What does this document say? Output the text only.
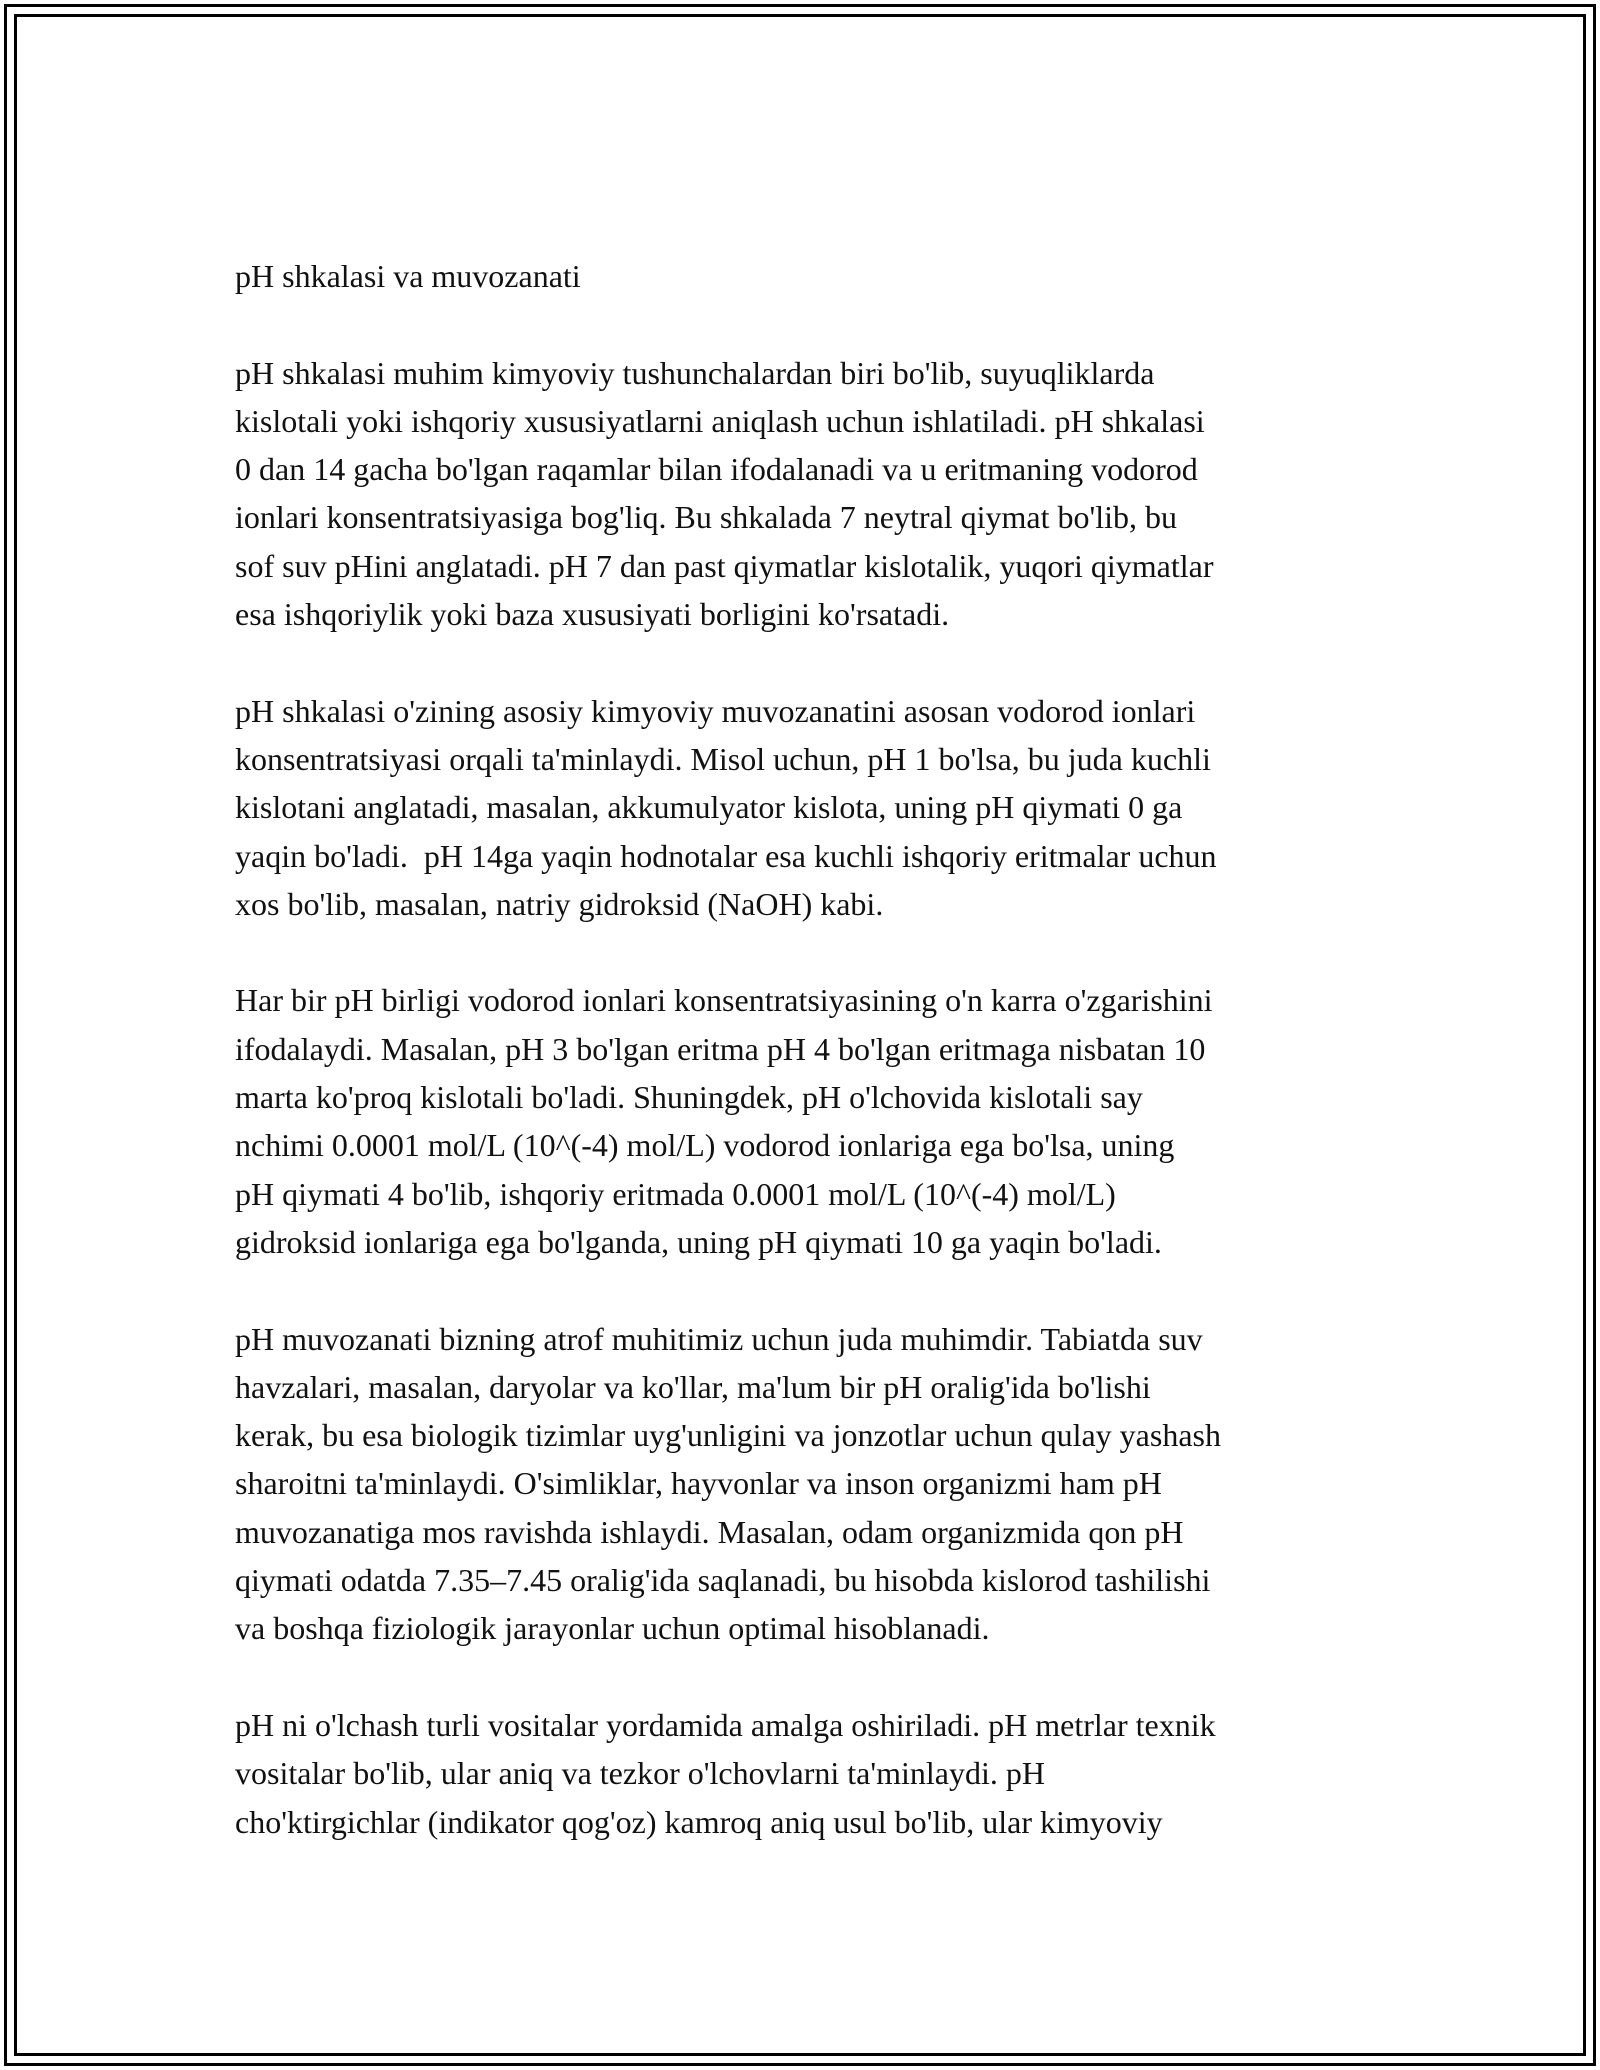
pH shkalasi va muvozanati

pH shkalasi muhim kimyoviy tushunchalardan biri bo'lib, suyuqliklarda
kislotali yoki ishqoriy xususiyatlarni aniqlash uchun ishlatiladi. pH shkalasi
0 dan 14 gacha bo'lgan raqamlar bilan ifodalanadi va u eritmaning vodorod
ionlari konsentratsiyasiga bog'liq. Bu shkalada 7 neytral qiymat bo'lib, bu
sof suv pHini anglatadi. pH 7 dan past qiymatlar kislotalik, yuqori qiymatlar
esa ishqoriylik yoki baza xususiyati borligini ko'rsatadi.

pH shkalasi o'zining asosiy kimyoviy muvozanatini asosan vodorod ionlari
konsentratsiyasi orqali ta'minlaydi. Misol uchun, pH 1 bo'lsa, bu juda kuchli
kislotani anglatadi, masalan, akkumulyator kislota, uning pH qiymati 0 ga
yaqin bo'ladi.  pH 14ga yaqin hodnotalar esa kuchli ishqoriy eritmalar uchun
xos bo'lib, masalan, natriy gidroksid (NaOH) kabi.

Har bir pH birligi vodorod ionlari konsentratsiyasining o'n karra o'zgarishini
ifodalaydi. Masalan, pH 3 bo'lgan eritma pH 4 bo'lgan eritmaga nisbatan 10
marta ko'proq kislotali bo'ladi. Shuningdek, pH o'lchovida kislotali say
nchimi 0.0001 mol/L (10^(-4) mol/L) vodorod ionlariga ega bo'lsa, uning
pH qiymati 4 bo'lib, ishqoriy eritmada 0.0001 mol/L (10^(-4) mol/L)
gidroksid ionlariga ega bo'lganda, uning pH qiymati 10 ga yaqin bo'ladi.

pH muvozanati bizning atrof muhitimiz uchun juda muhimdir. Tabiatda suv
havzalari, masalan, daryolar va ko'llar, ma'lum bir pH oralig'ida bo'lishi
kerak, bu esa biologik tizimlar uyg'unligini va jonzotlar uchun qulay yashash
sharoitni ta'minlaydi. O'simliklar, hayvonlar va inson organizmi ham pH
muvozanatiga mos ravishda ishlaydi. Masalan, odam organizmida qon pH
qiymati odatda 7.35–7.45 oralig'ida saqlanadi, bu hisobda kislorod tashilishi
va boshqa fiziologik jarayonlar uchun optimal hisoblanadi.

pH ni o'lchash turli vositalar yordamida amalga oshiriladi. pH metrlar texnik
vositalar bo'lib, ular aniq va tezkor o'lchovlarni ta'minlaydi. pH
cho'ktirgichlar (indikator qog'oz) kamroq aniq usul bo'lib, ular kimyoviy
